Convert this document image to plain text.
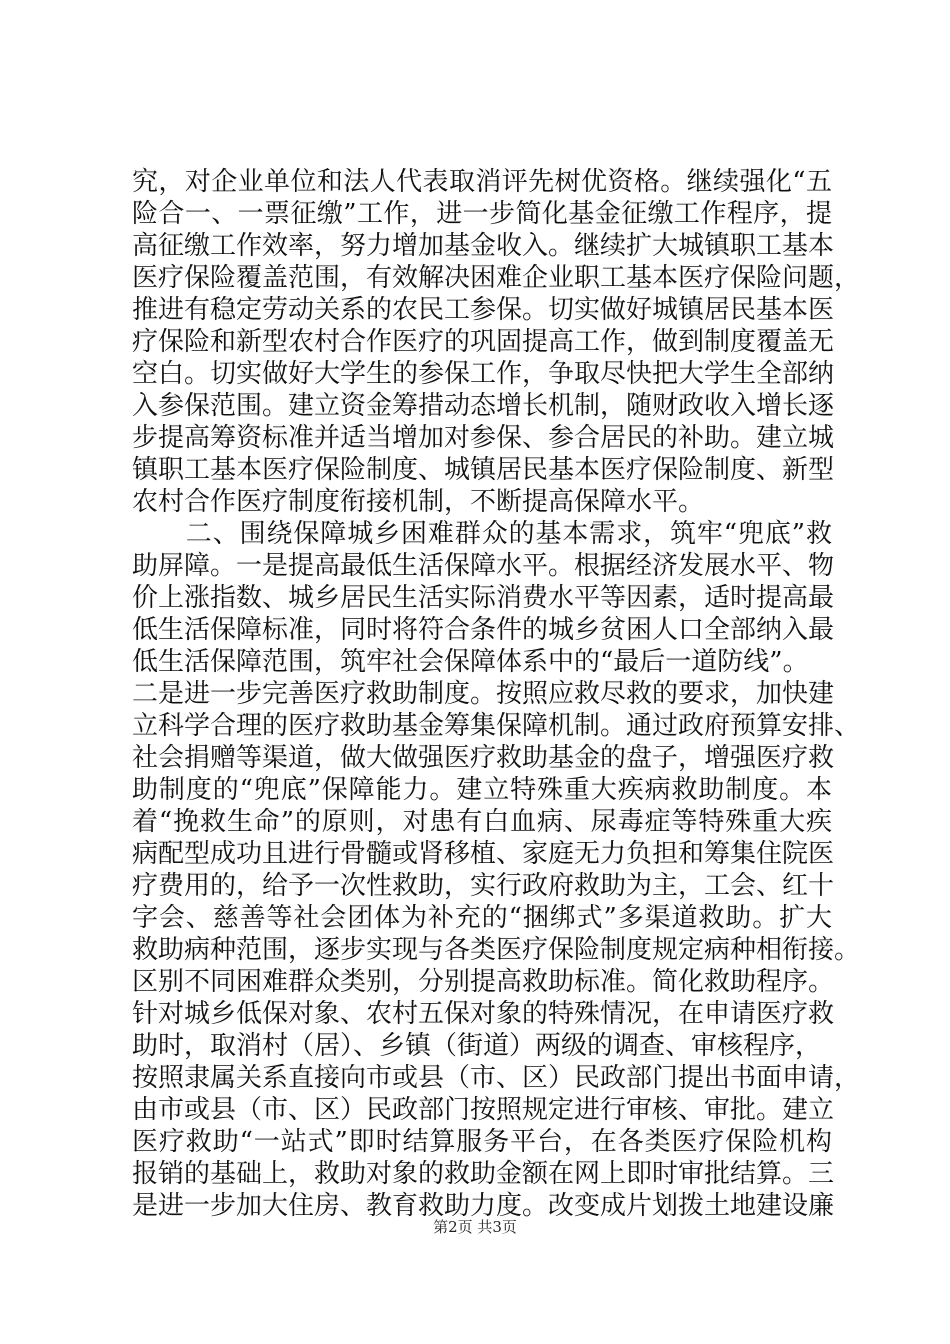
究，对企业单位和法人代表取消评先树优资格。继续强化“五
险合一、一票征缴”工作，进一步简化基金征缴工作程序，提
高征缴工作效率，努力增加基金收入。继续扩大城镇职工基本
医疗保险覆盖范围，有效解决困难企业职工基本医疗保险问题，
推进有稳定劳动关系的农民工参保。切实做好城镇居民基本医
疗保险和新型农村合作医疗的巩固提高工作，做到制度覆盖无
空白。切实做好大学生的参保工作，争取尽快把大学生全部纳
入参保范围。建立资金筹措动态增长机制，随财政收入增长逐
步提高筹资标准并适当增加对参保、参合居民的补助。建立城
镇职工基本医疗保险制度、城镇居民基本医疗保险制度、新型
农村合作医疗制度衔接机制，不断提高保障水平。
　　二、围绕保障城乡困难群众的基本需求，筑牢“兜底”救
助屏障。一是提高最低生活保障水平。根据经济发展水平、物
价上涨指数、城乡居民生活实际消费水平等因素，适时提高最
低生活保障标准，同时将符合条件的城乡贫困人口全部纳入最
低生活保障范围，筑牢社会保障体系中的“最后一道防线”。
二是进一步完善医疗救助制度。按照应救尽救的要求，加快建
立科学合理的医疗救助基金筹集保障机制。通过政府预算安排、
社会捐赠等渠道，做大做强医疗救助基金的盘子，增强医疗救
助制度的“兜底”保障能力。建立特殊重大疾病救助制度。本
着“挽救生命”的原则，对患有白血病、尿毒症等特殊重大疾
病配型成功且进行骨髓或肾移植、家庭无力负担和筹集住院医
疗费用的，给予一次性救助，实行政府救助为主，工会、红十
字会、慈善等社会团体为补充的“捆绑式”多渠道救助。扩大
救助病种范围，逐步实现与各类医疗保险制度规定病种相衔接。
区别不同困难群众类别，分别提高救助标准。简化救助程序。
针对城乡低保对象、农村五保对象的特殊情况，在申请医疗救
助时，取消村（居）、乡镇（街道）两级的调查、审核程序，
按照隶属关系直接向市或县（市、区）民政部门提出书面申请，
由市或县（市、区）民政部门按照规定进行审核、审批。建立
医疗救助“一站式”即时结算服务平台，在各类医疗保险机构
报销的基础上，救助对象的救助金额在网上即时审批结算。三
是进一步加大住房、教育救助力度。改变成片划拨土地建设廉
第2页 共3页
